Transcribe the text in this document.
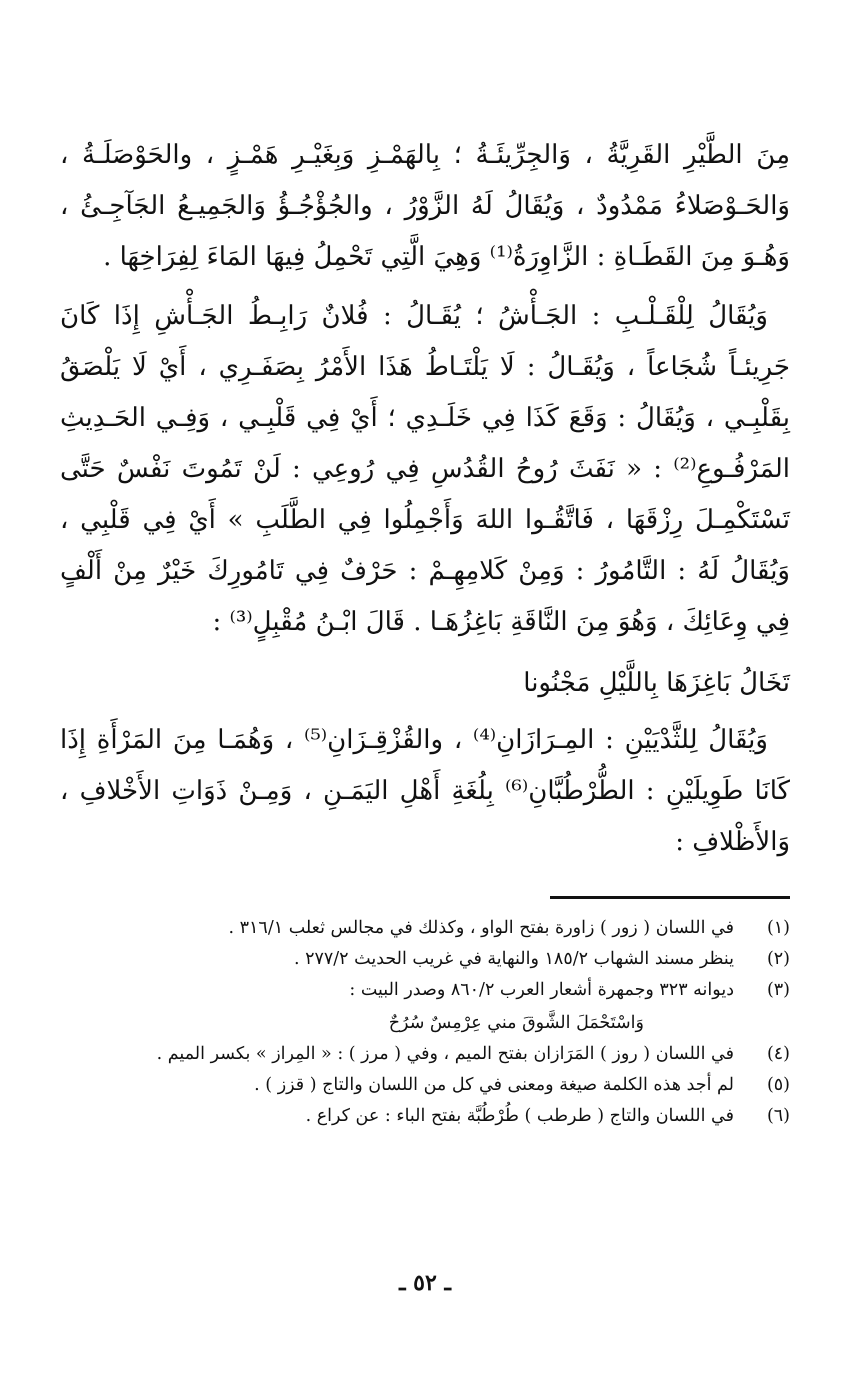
مِنَ الطَّيْرِ القَرِيَّةُ ، وَالجِرِّيئَـةُ ؛ بِالهَمْـزِ وَبِغَيْـرِ هَمْـزٍ ، والحَوْصَلَـةُ ، وَالحَـوْصَلاءُ مَمْدُودٌ ، وَيُقَالُ لَهُ الزَّوْرُ ، والجُؤْجُـؤُ وَالجَمِيـعُ الجَآجِـئُ ، وَهُـوَ مِنَ القَطَـاةِ : الزَّاوِرَةُ⁽¹⁾ وَهِيَ الَّتِي تَحْمِلُ فِيهَا المَاءَ لِفِرَاخِهَا .

وَيُقَالُ لِلْقَـلْـبِ : الجَـأْشُ ؛ يُقَـالُ : فُلانٌ رَابِـطُ الجَـأْشِ إِذَا كَانَ جَرِيئـاً شُجَاعاً ، وَيُقَـالُ : لَا يَلْتَـاطُ هَذَا الأَمْرُ بِصَفَـرِي ، أَيْ لَا يَلْصَقُ بِقَلْبِـي ، وَيُقَالُ : وَقَعَ كَذَا فِي خَلَـدِي ؛ أَيْ فِي قَلْبِـي ، وَفِـي الحَـدِيثِ المَرْفُـوعِ⁽²⁾ : « نَفَثَ رُوحُ القُدُسِ فِي رُوعِي : لَنْ تَمُوتَ نَفْسٌ حَتَّى تَسْتَكْمِـلَ رِزْقَهَا ، فَاتَّقُـوا اللهَ وَأَجْمِلُوا فِي الطَّلَبِ » أَيْ فِي قَلْبِي ، وَيُقَالُ لَهُ : التَّامُورُ : وَمِنْ كَلامِهِـمْ : حَرْفٌ فِي تَامُورِكَ خَيْرٌ مِنْ أَلْفٍ فِي وِعَائِكَ ، وَهُوَ مِنَ النَّاقَةِ بَاغِزُهَـا . قَالَ ابْـنُ مُقْبِلٍ⁽³⁾ :

تَخَالُ بَاغِزَهَا بِاللَّيْلِ مَجْنُونا

وَيُقَالُ لِلثَّدْيَيْنِ : المِـرَازَانِ⁽⁴⁾ ، والقُزْقِـزَانِ⁽⁵⁾ ، وَهُمَـا مِنَ المَرْأَةِ إِذَا كَانَا طَوِيلَيْنِ : الطُّرْطُبَّانِ⁽⁶⁾ بِلُغَةِ أَهْلِ اليَمَـنِ ، وَمِـنْ ذَوَاتِ الأَخْلافِ ، وَالأَظْلافِ :

(١)
في اللسان ( زور ) زاورة بفتح الواو ، وكذلك في مجالس ثعلب ٣١٦/١ .
(٢)
ينظر مسند الشهاب ١٨٥/٢ والنهاية في غريب الحديث ٢٧٧/٢ .
(٣)
ديوانه ٣٢٣ وجمهرة أشعار العرب ٨٦٠/٢ وصدر البيت :
وَاسْتَحْمَلَ الشَّوقَ مني عِرْمِسٌ سُرُحٌ
(٤)
في اللسان ( روز ) المَرَازان بفتح الميم ، وفي ( مرز ) : « المِراز » بكسر الميم .
(٥)
لم أجد هذه الكلمة صيغة ومعنى في كل من اللسان والتاج ( قزز ) .
(٦)
في اللسان والتاج ( طرطب ) طُرْطُبَّة بفتح الباء : عن كراع .
ـ ٥٢ ـ
